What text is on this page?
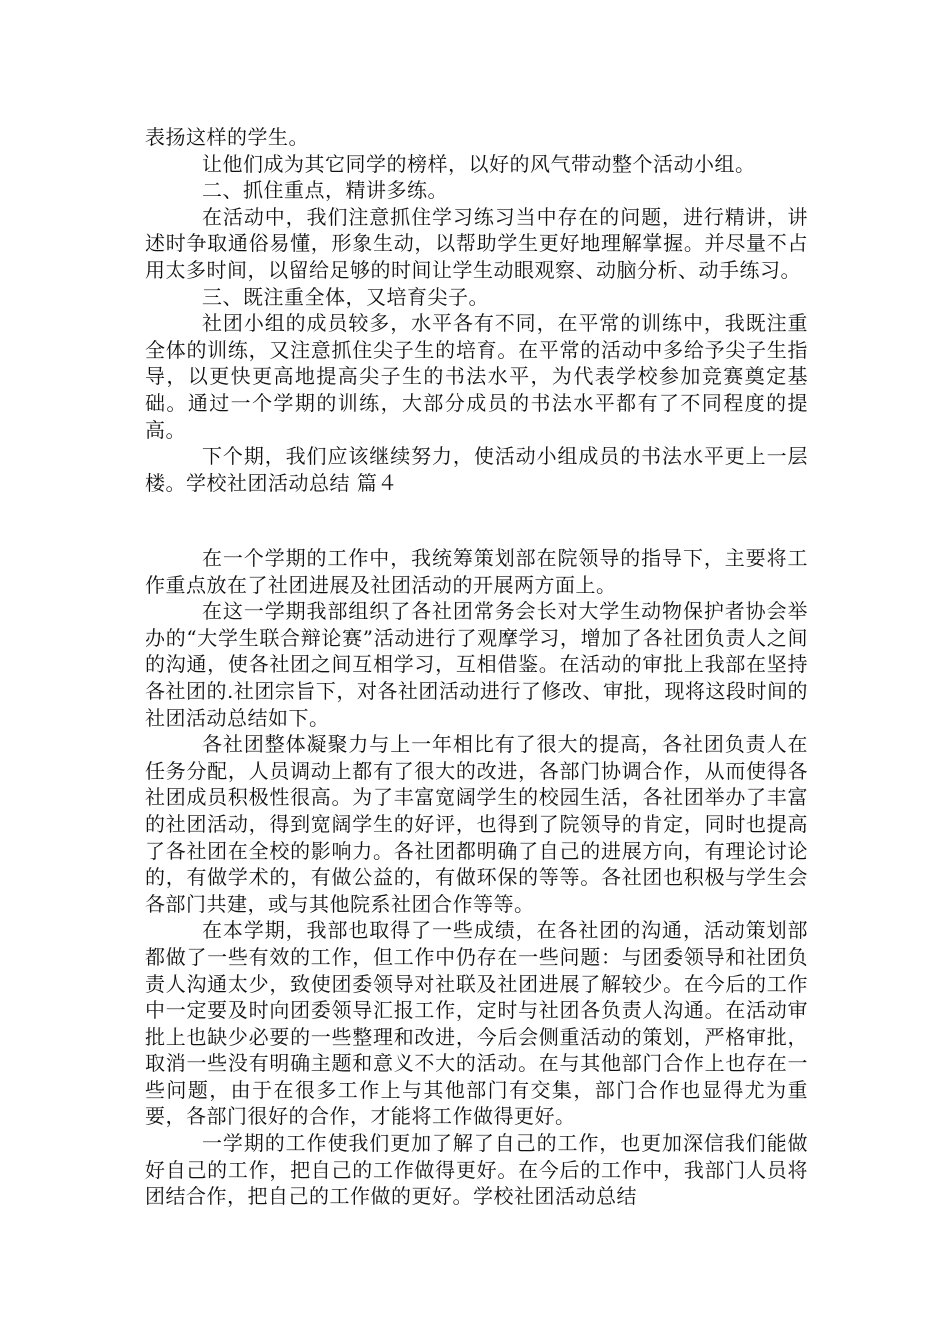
表扬这样的学生。

让他们成为其它同学的榜样，以好的风气带动整个活动小组。

二、抓住重点，精讲多练。

在活动中，我们注意抓住学习练习当中存在的问题，进行精讲，讲述时争取通俗易懂，形象生动，以帮助学生更好地理解掌握。并尽量不占用太多时间，以留给足够的时间让学生动眼观察、动脑分析、动手练习。

三、既注重全体，又培育尖子。

社团小组的成员较多，水平各有不同，在平常的训练中，我既注重全体的训练，又注意抓住尖子生的培育。在平常的活动中多给予尖子生指导，以更快更高地提高尖子生的书法水平，为代表学校参加竞赛奠定基础。通过一个学期的训练，大部分成员的书法水平都有了不同程度的提高。

下个期，我们应该继续努力，使活动小组成员的书法水平更上一层楼。学校社团活动总结 篇４

在一个学期的工作中，我统筹策划部在院领导的指导下，主要将工作重点放在了社团进展及社团活动的开展两方面上。

在这一学期我部组织了各社团常务会长对大学生动物保护者协会举办的“大学生联合辩论赛”活动进行了观摩学习，增加了各社团负责人之间的沟通，使各社团之间互相学习，互相借鉴。在活动的审批上我部在坚持各社团的.社团宗旨下，对各社团活动进行了修改、审批，现将这段时间的社团活动总结如下。

各社团整体凝聚力与上一年相比有了很大的提高，各社团负责人在任务分配，人员调动上都有了很大的改进，各部门协调合作，从而使得各社团成员积极性很高。为了丰富宽阔学生的校园生活，各社团举办了丰富的社团活动，得到宽阔学生的好评，也得到了院领导的肯定，同时也提高了各社团在全校的影响力。各社团都明确了自己的进展方向，有理论讨论的，有做学术的，有做公益的，有做环保的等等。各社团也积极与学生会各部门共建，或与其他院系社团合作等等。

在本学期，我部也取得了一些成绩，在各社团的沟通，活动策划部都做了一些有效的工作，但工作中仍存在一些问题：与团委领导和社团负责人沟通太少，致使团委领导对社联及社团进展了解较少。在今后的工作中一定要及时向团委领导汇报工作，定时与社团各负责人沟通。在活动审批上也缺少必要的一些整理和改进，今后会侧重活动的策划，严格审批，取消一些没有明确主题和意义不大的活动。在与其他部门合作上也存在一些问题，由于在很多工作上与其他部门有交集，部门合作也显得尤为重要，各部门很好的合作，才能将工作做得更好。

一学期的工作使我们更加了解了自己的工作，也更加深信我们能做好自己的工作，把自己的工作做得更好。在今后的工作中，我部门人员将团结合作，把自己的工作做的更好。学校社团活动总结
